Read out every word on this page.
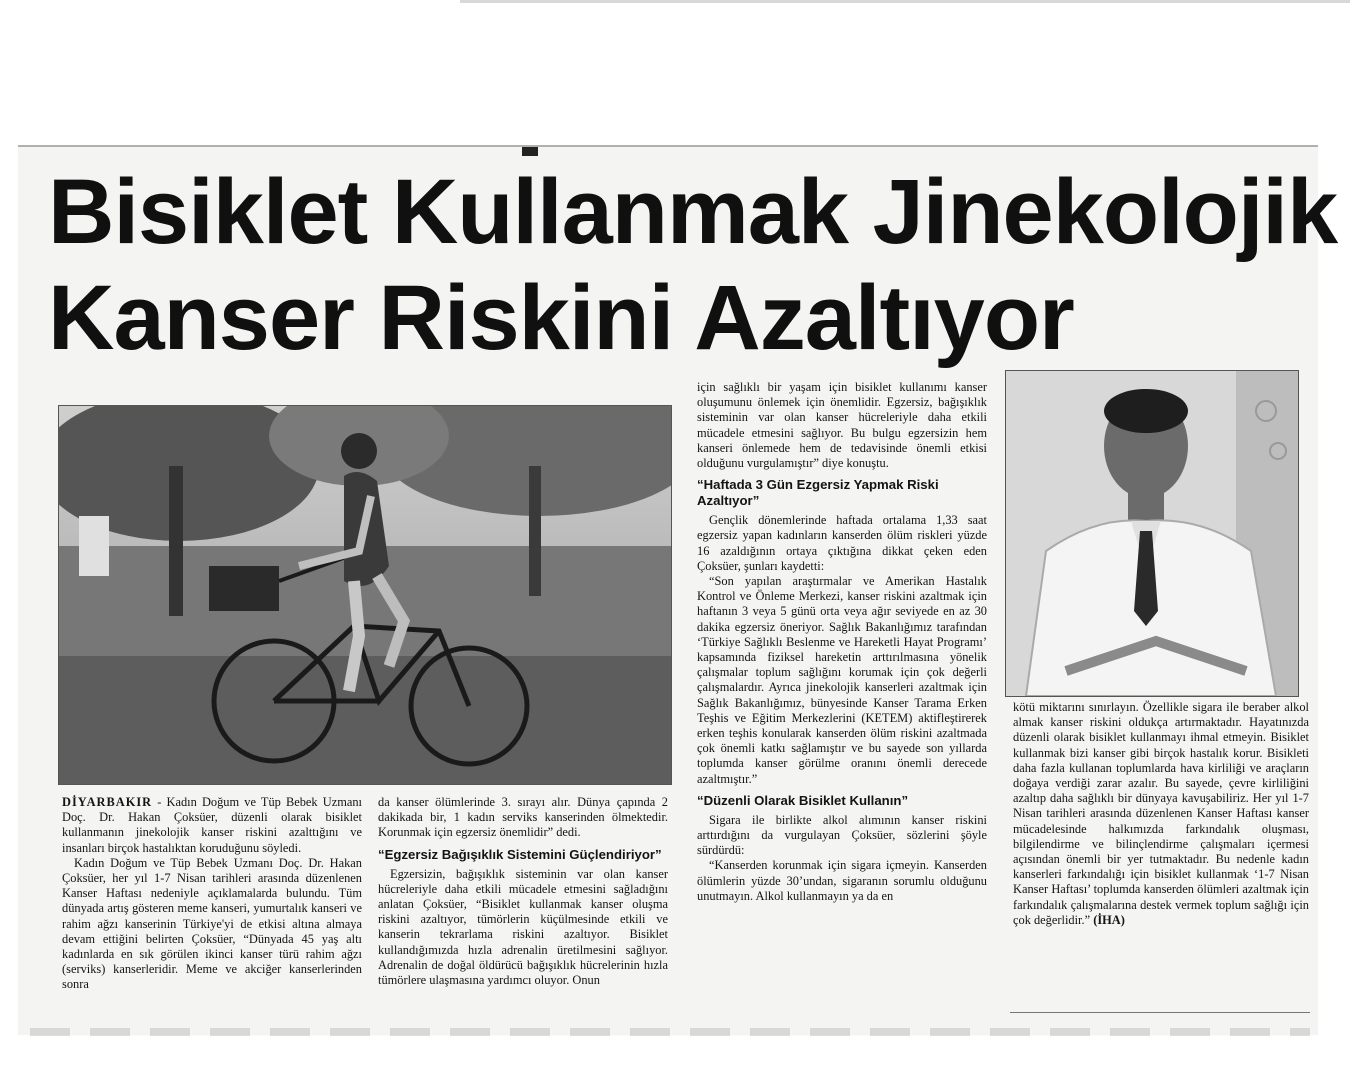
Bisiklet Kullanmak Jinekolojik
Kanser Riskini Azaltıyor

DİYARBAKIR - Kadın Doğum ve Tüp Bebek Uzmanı Doç. Dr. Hakan Çoksüer, düzenli olarak bisiklet kullanmanın jinekolojik kanser riskini azalttığını ve insanları birçok hastalıktan koruduğunu söyledi.

Kadın Doğum ve Tüp Bebek Uzmanı Doç. Dr. Hakan Çoksüer, her yıl 1-7 Nisan tarihleri arasında düzenlenen Kanser Haftası nedeniyle açıklamalarda bulundu. Tüm dünyada artış gösteren meme kanseri, yumurtalık kanseri ve rahim ağzı kanserinin Türkiye'yi de etkisi altına almaya devam ettiğini belirten Çoksüer, “Dünyada 45 yaş altı kadınlarda en sık görülen ikinci kanser türü rahim ağzı (serviks) kanserleridir. Meme ve akciğer kanserlerinden sonra

da kanser ölümlerinde 3. sırayı alır. Dünya çapında 2 dakikada bir, 1 kadın serviks kanserinden ölmektedir. Korunmak için egzersiz önemlidir” dedi.

“Egzersiz Bağışıklık Sistemini Güçlendiriyor”

Egzersizin, bağışıklık sisteminin var olan kanser hücreleriyle daha etkili mücadele etmesini sağladığını anlatan Çoksüer, “Bisiklet kullanmak kanser oluşma riskini azaltıyor, tümörlerin küçülmesinde etkili ve kanserin tekrarlama riskini azaltıyor. Bisiklet kullandığımızda hızla adrenalin üretilmesini sağlıyor. Adrenalin de doğal öldürücü bağışıklık hücrelerinin hızla tümörlere ulaşmasına yardımcı oluyor. Onun

için sağlıklı bir yaşam için bisiklet kullanımı kanser oluşumunu önlemek için önemlidir. Egzersiz, bağışıklık sisteminin var olan kanser hücreleriyle daha etkili mücadele etmesini sağlıyor. Bu bulgu egzersizin hem kanseri önlemede hem de tedavisinde önemli etkisi olduğunu vurgulamıştır” diye konuştu.

“Haftada 3 Gün Ezgersiz Yapmak Riski Azaltıyor”

Gençlik dönemlerinde haftada ortalama 1,33 saat egzersiz yapan kadınların kanserden ölüm riskleri yüzde 16 azaldığının ortaya çıktığına dikkat çeken eden Çoksüer, şunları kaydetti:

“Son yapılan araştırmalar ve Amerikan Hastalık Kontrol ve Önleme Merkezi, kanser riskini azaltmak için haftanın 3 veya 5 günü orta veya ağır seviyede en az 30 dakika egzersiz öneriyor. Sağlık Bakanlığımız tarafından ‘Türkiye Sağlıklı Beslenme ve Hareketli Hayat Programı’ kapsamında fiziksel hareketin arttırılmasına yönelik çalışmalar toplum sağlığını korumak için çok değerli çalışmalardır. Ayrıca jinekolojik kanserleri azaltmak için Sağlık Bakanlığımız, bünyesinde Kanser Tarama Erken Teşhis ve Eğitim Merkezlerini (KETEM) aktifleştirerek erken teşhis konularak kanserden ölüm riskini azaltmada çok önemli katkı sağlamıştır ve bu sayede son yıllarda toplumda kanser görülme oranını önemli derecede azaltmıştır.”

“Düzenli Olarak Bisiklet Kullanın”

Sigara ile birlikte alkol alımının kanser riskini arttırdığını da vurgulayan Çoksüer, sözlerini şöyle sürdürdü:

“Kanserden korunmak için sigara içmeyin. Kanserden ölümlerin yüzde 30’undan, sigaranın sorumlu olduğunu unutmayın. Alkol kullanmayın ya da en

kötü miktarını sınırlayın. Özellikle sigara ile beraber alkol almak kanser riskini oldukça artırmaktadır. Hayatınızda düzenli olarak bisiklet kullanmayı ihmal etmeyin. Bisiklet kullanmak bizi kanser gibi birçok hastalık korur. Bisikleti daha fazla kullanan toplumlarda hava kirliliği ve araçların doğaya verdiği zarar azalır. Bu sayede, çevre kirliliğini azaltıp daha sağlıklı bir dünyaya kavuşabiliriz. Her yıl 1-7 Nisan tarihleri arasında düzenlenen Kanser Haftası kanser mücadelesinde halkımızda farkındalık oluşması, bilgilendirme ve bilinçlendirme çalışmaları içermesi açısından önemli bir yer tutmaktadır. Bu nedenle kadın kanserleri farkındalığı için bisiklet kullanmak ‘1-7 Nisan Kanser Haftası’ toplumda kanserden ölümleri azaltmak için farkındalık çalışmalarına destek vermek toplum sağlığı için çok değerlidir.” (İHA)
